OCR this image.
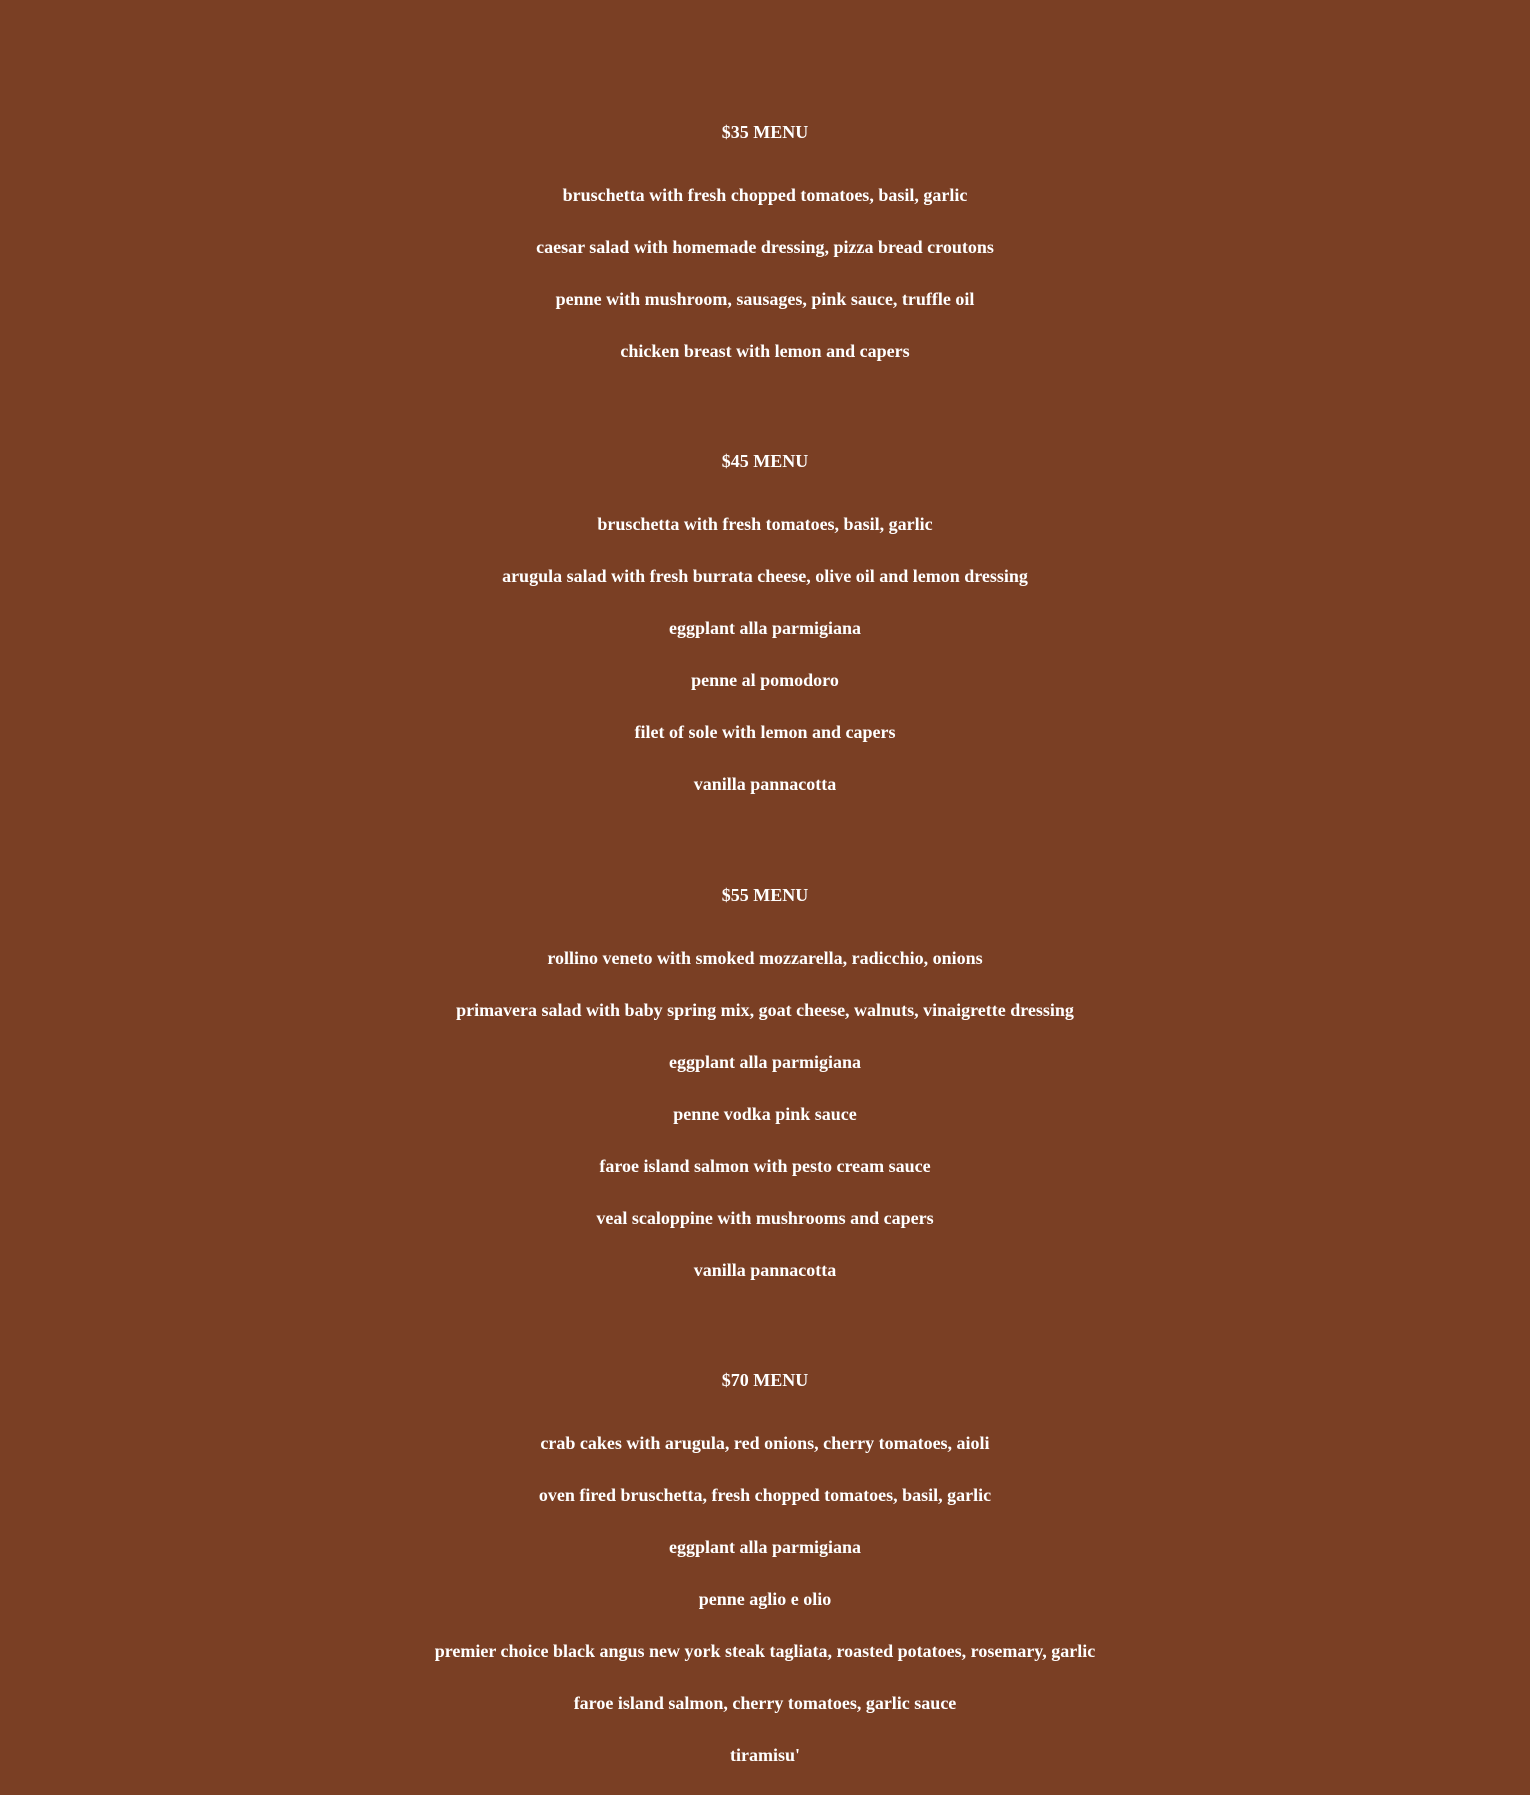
$35 MENU
bruschetta with fresh chopped tomatoes, basil, garlic
caesar salad with homemade dressing, pizza bread croutons
penne with mushroom, sausages, pink sauce, truffle oil
chicken breast with lemon and capers
$45 MENU
bruschetta with fresh tomatoes, basil, garlic
arugula salad with fresh burrata cheese, olive oil and lemon dressing
eggplant alla parmigiana
penne al pomodoro
filet of sole with lemon and capers
vanilla pannacotta
$55 MENU
rollino veneto with smoked mozzarella, radicchio, onions
primavera salad with baby spring mix, goat cheese, walnuts, vinaigrette dressing
eggplant alla parmigiana
penne vodka pink sauce
faroe island salmon with pesto cream sauce
veal scaloppine with mushrooms and capers
vanilla pannacotta
$70 MENU
crab cakes with arugula, red onions, cherry tomatoes, aioli
oven fired bruschetta, fresh chopped tomatoes, basil, garlic
eggplant alla parmigiana
penne aglio e olio
premier choice black angus new york steak tagliata, roasted potatoes, rosemary, garlic
faroe island salmon, cherry tomatoes, garlic sauce
tiramisu'
